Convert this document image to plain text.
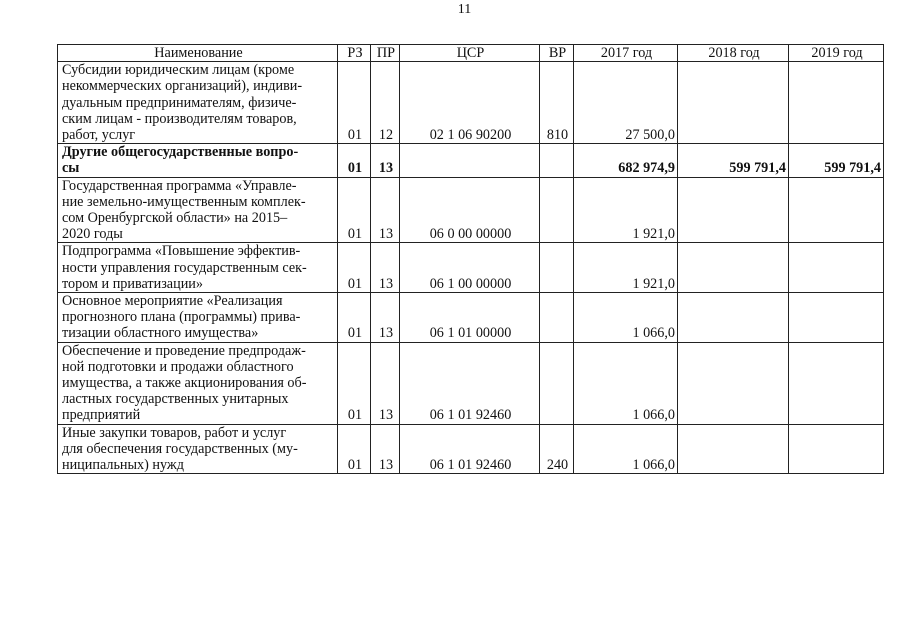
11
Наименование	РЗ	ПР	ЦСР	ВР	2017 год	2018 год	2019 год

Субсидии юридическим лицам (кроме
некоммерческих организаций), индиви-
дуальным предпринимателям, физиче-
ским лицам - производителям товаров,
работ, услуг	01	12	02 1 06 90200	810	27 500,0		

Другие общегосударственные вопро-
сы	01	13			682 974,9	599 791,4	599 791,4

Государственная программа «Управле-
ние земельно-имущественным комплек-
сом Оренбургской области» на 2015–
2020 годы	01	13	06 0 00 00000		1 921,0		

Подпрограмма «Повышение эффектив-
ности управления государственным сек-
тором и приватизации»	01	13	06 1 00 00000		1 921,0		

Основное мероприятие «Реализация
прогнозного плана (программы) прива-
тизации областного имущества»	01	13	06 1 01 00000		1 066,0		

Обеспечение и проведение предпродаж-
ной подготовки и продажи областного
имущества, а также акционирования об-
ластных государственных унитарных
предприятий	01	13	06 1 01 92460		1 066,0		

Иные закупки товаров, работ и услуг
для обеспечения государственных (му-
ниципальных) нужд	01	13	06 1 01 92460	240	1 066,0		
